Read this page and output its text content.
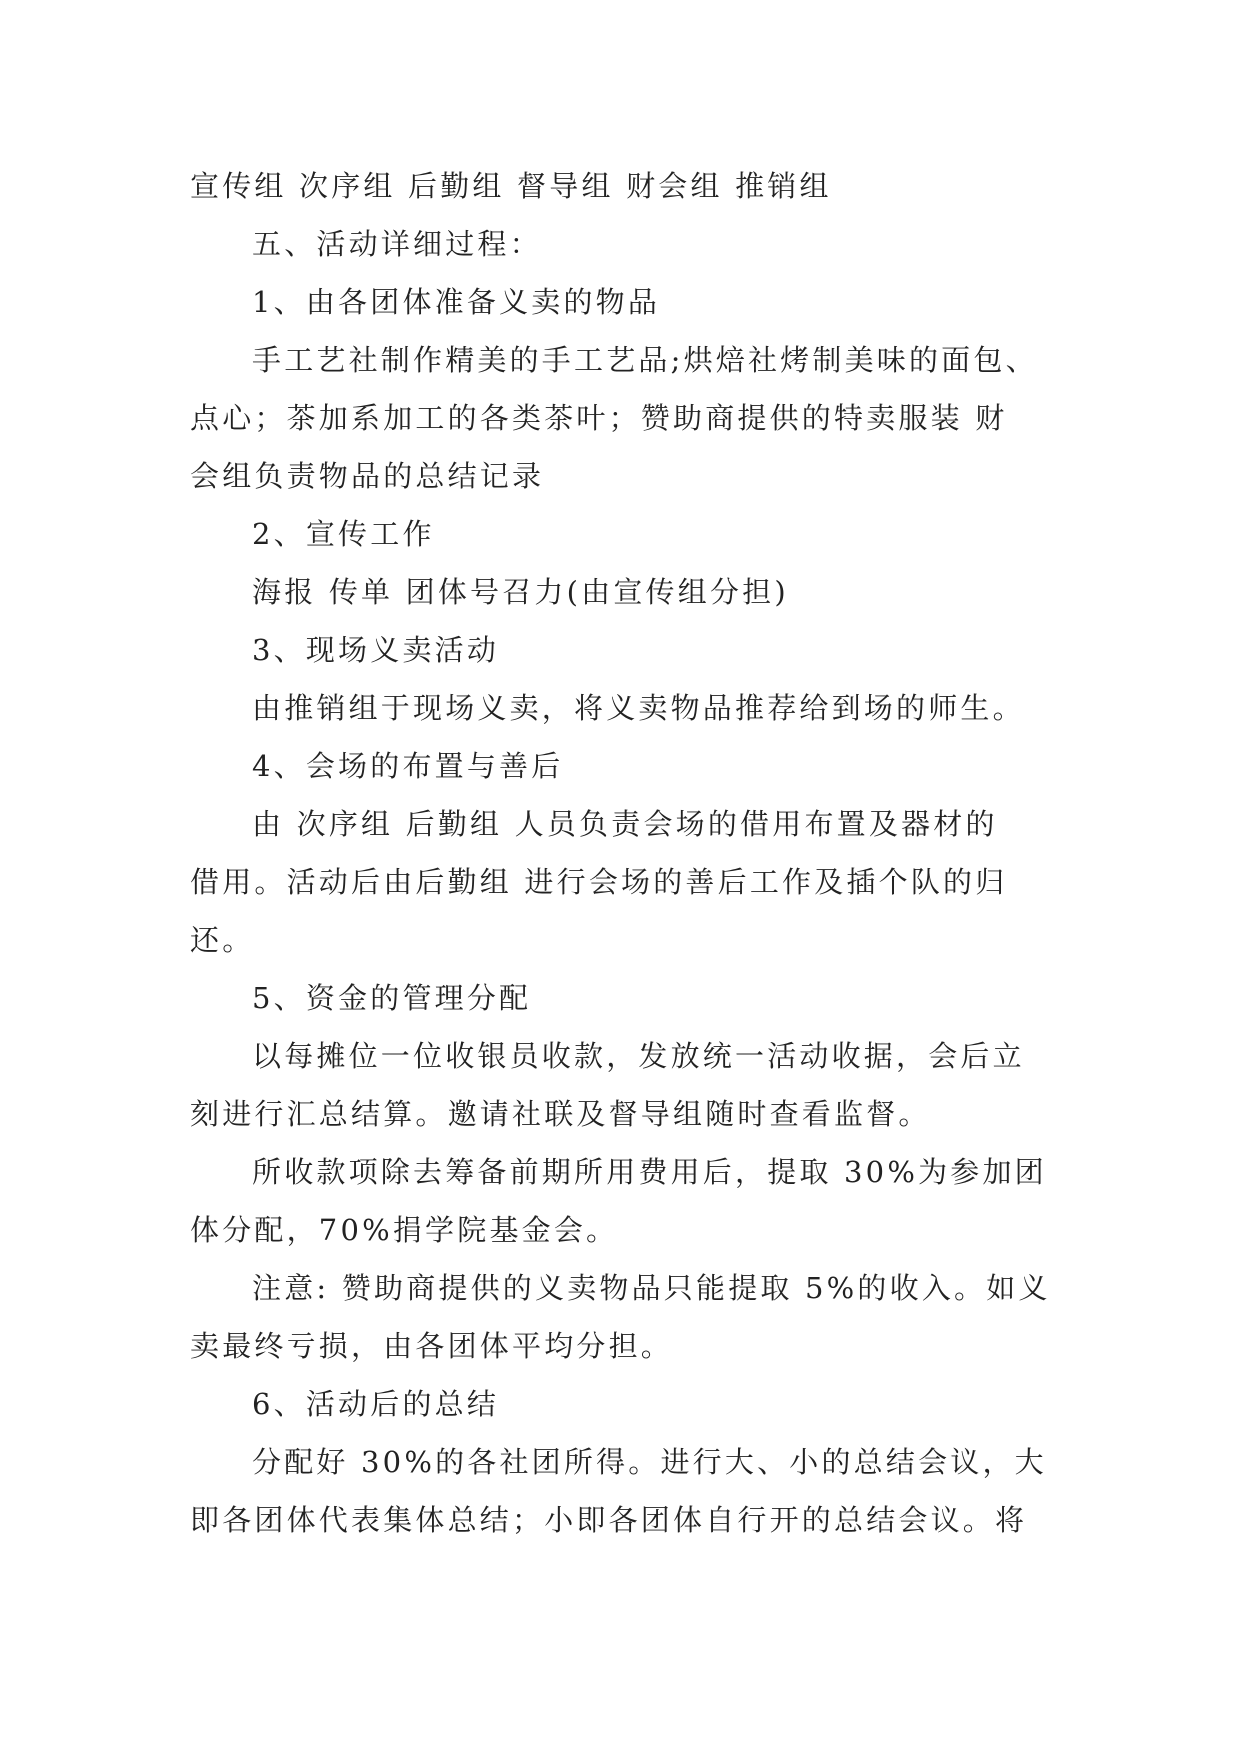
宣传组 次序组 后勤组 督导组 财会组 推销组
五、活动详细过程：
1、由各团体准备义卖的物品
手工艺社制作精美的手工艺品;烘焙社烤制美味的面包、
点心；茶加系加工的各类茶叶；赞助商提供的特卖服装 财
会组负责物品的总结记录
2、宣传工作
海报 传单 团体号召力(由宣传组分担)
3、现场义卖活动
由推销组于现场义卖，将义卖物品推荐给到场的师生。
4、会场的布置与善后
由 次序组 后勤组 人员负责会场的借用布置及器材的
借用。活动后由后勤组 进行会场的善后工作及插个队的归
还。
5、资金的管理分配
以每摊位一位收银员收款，发放统一活动收据，会后立
刻进行汇总结算。邀请社联及督导组随时查看监督。
所收款项除去筹备前期所用费用后，提取 30%为参加团
体分配，70%捐学院基金会。
注意: 赞助商提供的义卖物品只能提取 5%的收入。如义
卖最终亏损，由各团体平均分担。
6、活动后的总结
分配好 30%的各社团所得。进行大、小的总结会议，大
即各团体代表集体总结；小即各团体自行开的总结会议。将
